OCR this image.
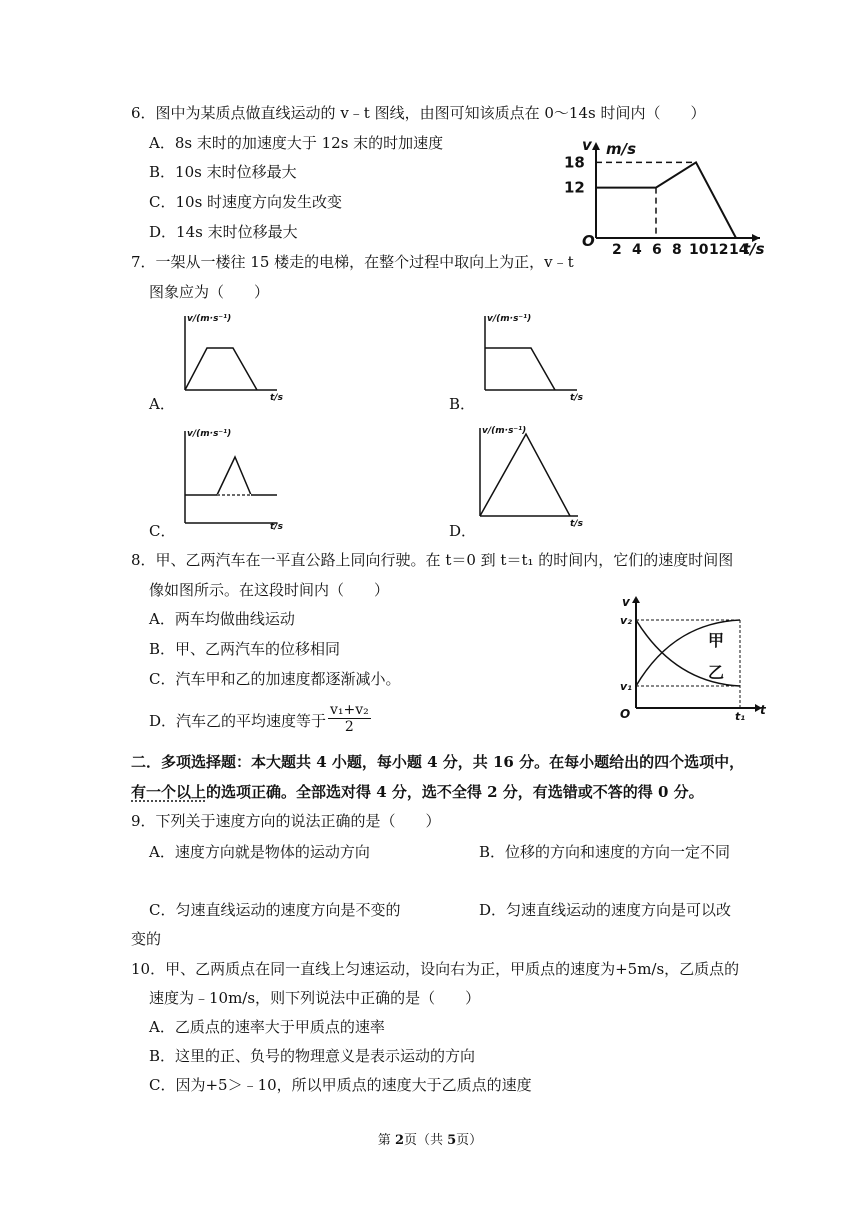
6．图中为某质点做直线运动的 v﹣t 图线，由图可知该质点在 0～14s 时间内（　　）
A．8s 末时的加速度大于 12s 末的时加速度
B．10s 末时位移最大
C．10s 时速度方向发生改变
D．14s 末时位移最大
v m/s
O	t/s
18
12
2 4 6 8 10 12 14
7．一架从一楼往 15 楼走的电梯，在整个过程中取向上为正，v﹣t
图象应为（　　）
A．
v/(m·s⁻¹)
t/s	B．
v/(m·s⁻¹)
t/s
C．
v/(m·s⁻¹)
t/s	D．
v/(m·s⁻¹)
t/s
8．甲、乙两汽车在一平直公路上同向行驶。在 t＝0 到 t＝t₁ 的时间内，它们的速度时间图
像如图所示。在这段时间内（　　）
A．两车均做曲线运动
B．甲、乙两汽车的位移相同
C．汽车甲和乙的加速度都逐渐减小。
D．汽车乙的平均速度等于 $\frac{\text{v₁+v₂}}{2}$
v
v₂
v₁
甲
乙
O	t₁ t
二．多项选择题：本大题共 4 小题，每小题 4 分，共 16 分。在每小题给出的四个选项中，
有一个以上的选项正确。全部选对得 4 分，选不全得 2 分，有选错或不答的得 0 分。
9．下列关于速度方向的说法正确的是（　　）
A．速度方向就是物体的运动方向	B．位移的方向和速度的方向一定不同
C．匀速直线运动的速度方向是不变的	D．匀速直线运动的速度方向是可以改
变的
10．甲、乙两质点在同一直线上匀速运动，设向右为正，甲质点的速度为+5m/s，乙质点的
速度为﹣10m/s，则下列说法中正确的是（　　）
A．乙质点的速率大于甲质点的速率
B．这里的正、负号的物理意义是表示运动的方向
C．因为+5＞﹣10，所以甲质点的速度大于乙质点的速度
第 2页（共 5页）
